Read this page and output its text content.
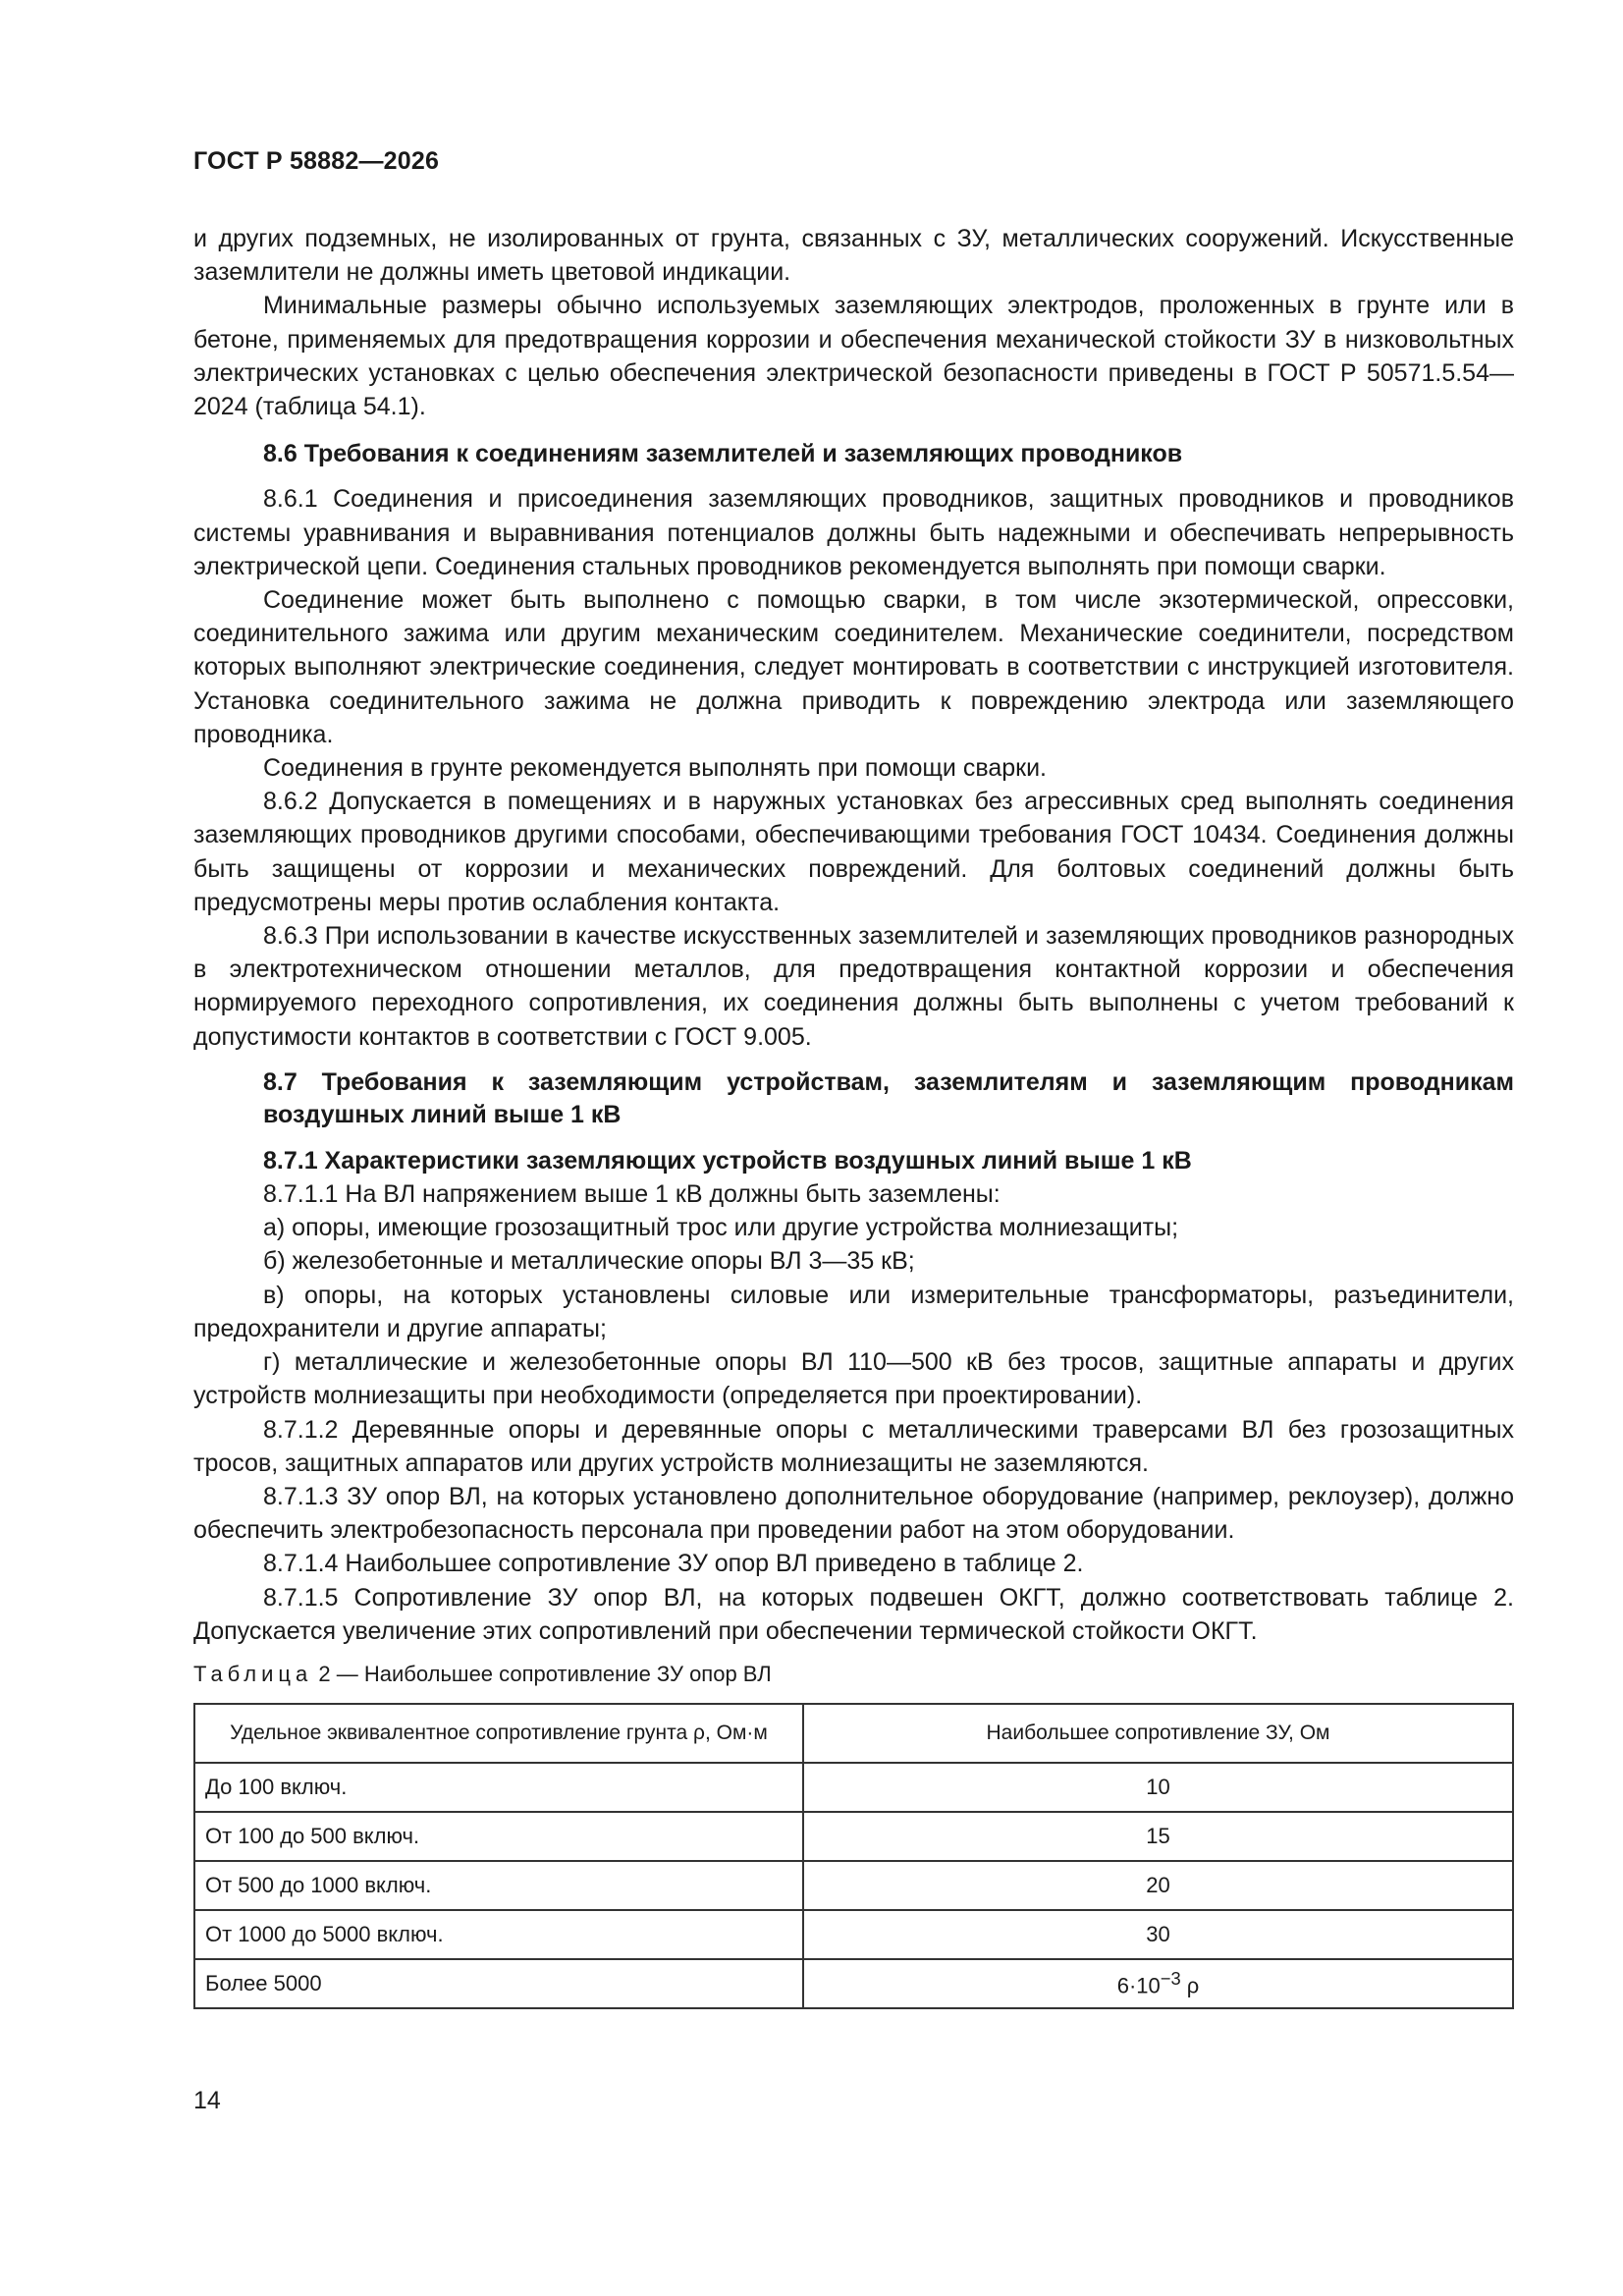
ГОСТ Р 58882—2026

и других подземных, не изолированных от грунта, связанных с ЗУ, металлических сооружений. Искусственные заземлители не должны иметь цветовой индикации.

Минимальные размеры обычно используемых заземляющих электродов, проложенных в грунте или в бетоне, применяемых для предотвращения коррозии и обеспечения механической стойкости ЗУ в низковольтных электрических установках с целью обеспечения электрической безопасности приведены в ГОСТ Р 50571.5.54—2024 (таблица 54.1).

8.6 Требования к соединениям заземлителей и заземляющих проводников

8.6.1 Соединения и присоединения заземляющих проводников, защитных проводников и проводников системы уравнивания и выравнивания потенциалов должны быть надежными и обеспечивать непрерывность электрической цепи. Соединения стальных проводников рекомендуется выполнять при помощи сварки.

Соединение может быть выполнено с помощью сварки, в том числе экзотермической, опрессовки, соединительного зажима или другим механическим соединителем. Механические соединители, посредством которых выполняют электрические соединения, следует монтировать в соответствии с инструкцией изготовителя. Установка соединительного зажима не должна приводить к повреждению электрода или заземляющего проводника.

Соединения в грунте рекомендуется выполнять при помощи сварки.

8.6.2 Допускается в помещениях и в наружных установках без агрессивных сред выполнять соединения заземляющих проводников другими способами, обеспечивающими требования ГОСТ 10434. Соединения должны быть защищены от коррозии и механических повреждений. Для болтовых соединений должны быть предусмотрены меры против ослабления контакта.

8.6.3 При использовании в качестве искусственных заземлителей и заземляющих проводников разнородных в электротехническом отношении металлов, для предотвращения контактной коррозии и обеспечения нормируемого переходного сопротивления, их соединения должны быть выполнены с учетом требований к допустимости контактов в соответствии с ГОСТ 9.005.

8.7 Требования к заземляющим устройствам, заземлителям и заземляющим проводникам воздушных линий выше 1 кВ

8.7.1 Характеристики заземляющих устройств воздушных линий выше 1 кВ

8.7.1.1 На ВЛ напряжением выше 1 кВ должны быть заземлены:

а) опоры, имеющие грозозащитный трос или другие устройства молниезащиты;

б) железобетонные и металлические опоры ВЛ 3—35 кВ;

в) опоры, на которых установлены силовые или измерительные трансформаторы, разъединители, предохранители и другие аппараты;

г) металлические и железобетонные опоры ВЛ 110—500 кВ без тросов, защитные аппараты и других устройств молниезащиты при необходимости (определяется при проектировании).

8.7.1.2 Деревянные опоры и деревянные опоры с металлическими траверсами ВЛ без грозозащитных тросов, защитных аппаратов или других устройств молниезащиты не заземляются.

8.7.1.3 ЗУ опор ВЛ, на которых установлено дополнительное оборудование (например, реклоузер), должно обеспечить электробезопасность персонала при проведении работ на этом оборудовании.

8.7.1.4 Наибольшее сопротивление ЗУ опор ВЛ приведено в таблице 2.

8.7.1.5 Сопротивление ЗУ опор ВЛ, на которых подвешен ОКГТ, должно соответствовать таблице 2. Допускается увеличение этих сопротивлений при обеспечении термической стойкости ОКГТ.

Таблица 2 — Наибольшее сопротивление ЗУ опор ВЛ

Удельное эквивалентное сопротивление грунта ρ, Ом·м	Наибольшее сопротивление ЗУ, Ом
До 100 включ.	10
От 100 до 500 включ.	15
От 500 до 1000 включ.	20
От 1000 до 5000 включ.	30
Более 5000	$6\cdot 10^{-3}$ ρ
14
